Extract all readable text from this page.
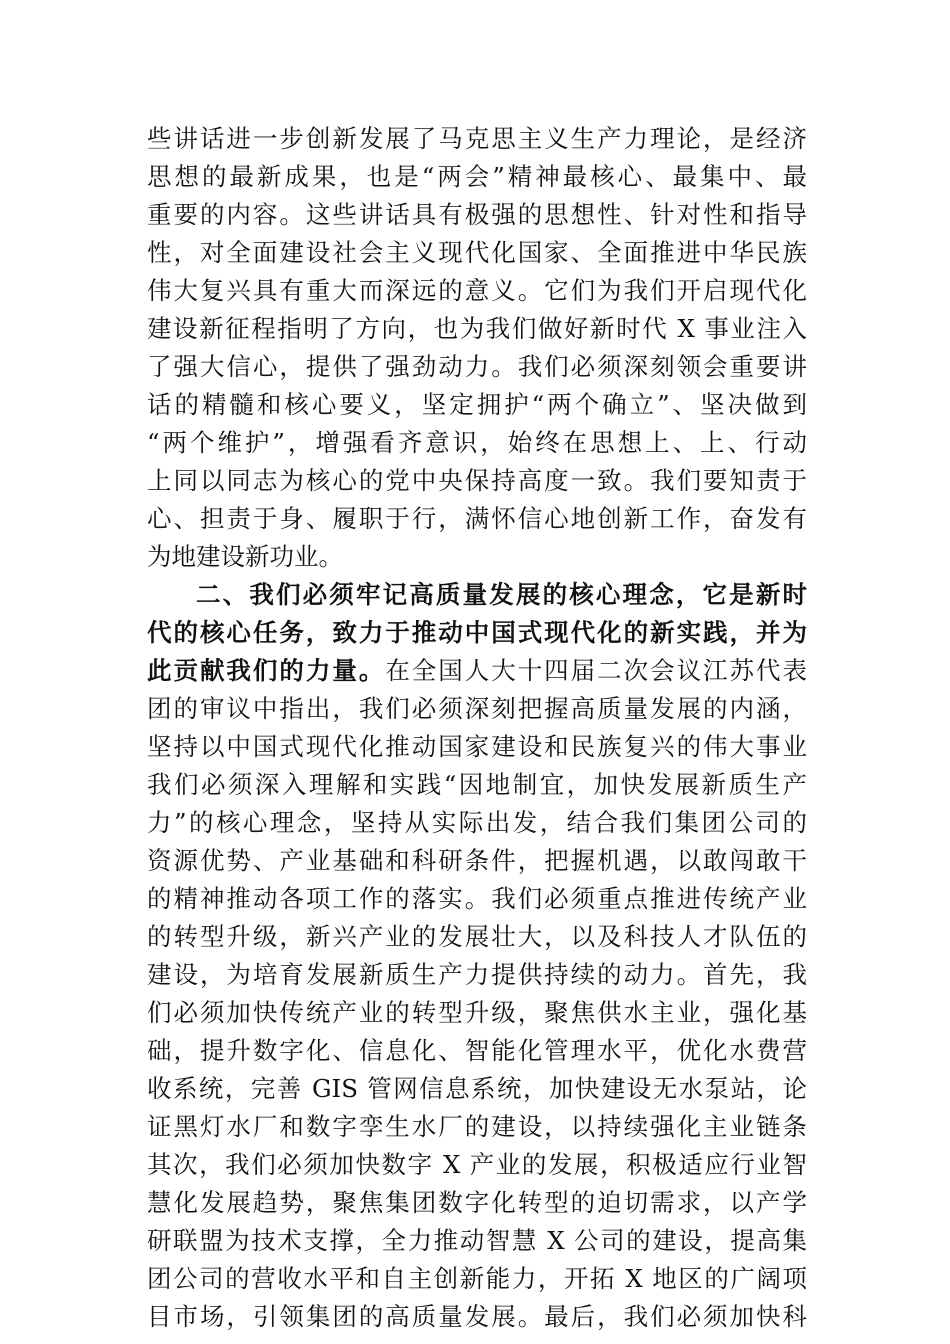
些讲话进一步创新发展了马克思主义生产力理论，是经济
思想的最新成果，也是“两会”精神最核心、最集中、最
重要的内容。这些讲话具有极强的思想性、针对性和指导
性，对全面建设社会主义现代化国家、全面推进中华民族
伟大复兴具有重大而深远的意义。它们为我们开启现代化
建设新征程指明了方向，也为我们做好新时代 X 事业注入
了强大信心，提供了强劲动力。我们必须深刻领会重要讲
话的精髓和核心要义，坚定拥护“两个确立”、坚决做到
“两个维护”，增强看齐意识，始终在思想上、上、行动
上同以同志为核心的党中央保持高度一致。我们要知责于
心、担责于身、履职于行，满怀信心地创新工作，奋发有
为地建设新功业。
二、我们必须牢记高质量发展的核心理念，它是新时
代的核心任务，致力于推动中国式现代化的新实践，并为
此贡献我们的力量。在全国人大十四届二次会议江苏代表
团的审议中指出，我们必须深刻把握高质量发展的内涵，
坚持以中国式现代化推动国家建设和民族复兴的伟大事业
我们必须深入理解和实践“因地制宜，加快发展新质生产
力”的核心理念，坚持从实际出发，结合我们集团公司的
资源优势、产业基础和科研条件，把握机遇，以敢闯敢干
的精神推动各项工作的落实。我们必须重点推进传统产业
的转型升级，新兴产业的发展壮大，以及科技人才队伍的
建设，为培育发展新质生产力提供持续的动力。首先，我
们必须加快传统产业的转型升级，聚焦供水主业，强化基
础，提升数字化、信息化、智能化管理水平，优化水费营
收系统，完善 GIS 管网信息系统，加快建设无水泵站，论
证黑灯水厂和数字孪生水厂的建设，以持续强化主业链条
其次，我们必须加快数字 X 产业的发展，积极适应行业智
慧化发展趋势，聚焦集团数字化转型的迫切需求，以产学
研联盟为技术支撑，全力推动智慧 X 公司的建设，提高集
团公司的营收水平和自主创新能力，开拓 X 地区的广阔项
目市场，引领集团的高质量发展。最后，我们必须加快科
